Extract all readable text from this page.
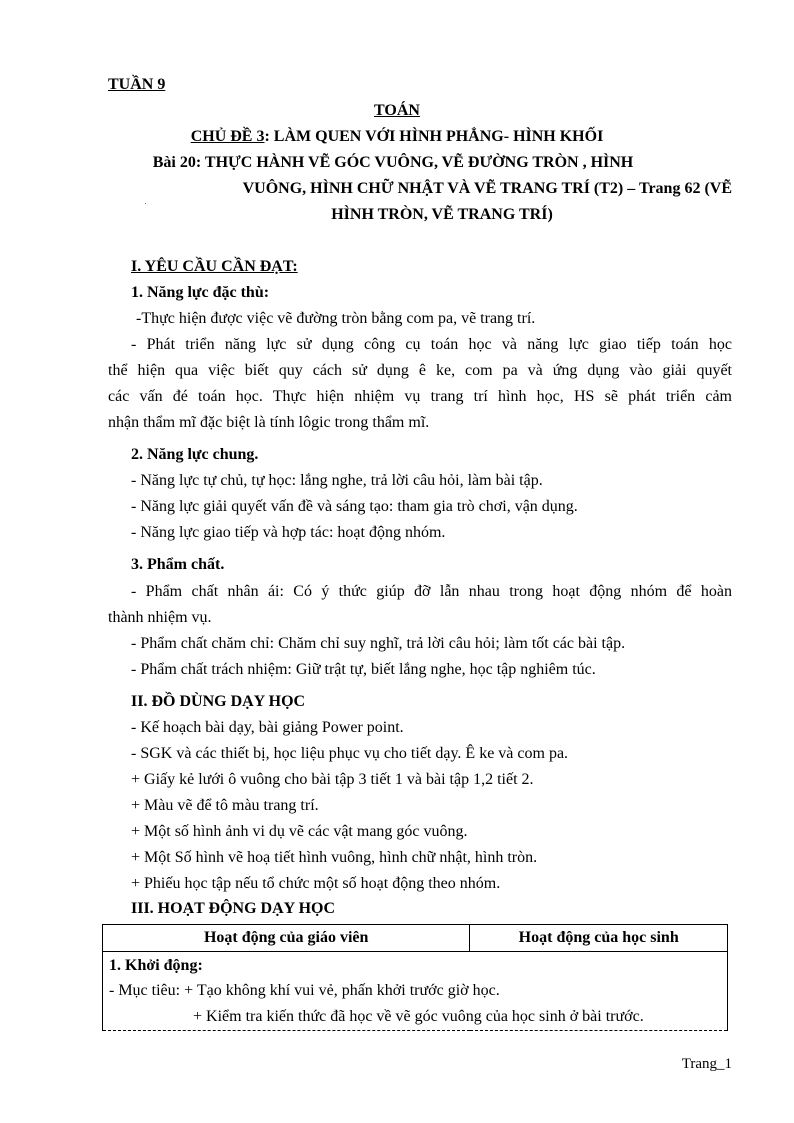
TUẦN 9
TOÁN
CHỦ ĐỀ 3: LÀM QUEN VỚI HÌNH PHẲNG- HÌNH KHỐI
Bài 20: THỰC HÀNH VẼ GÓC VUÔNG, VẼ ĐƯỜNG TRÒN , HÌNH
VUÔNG, HÌNH CHỮ NHẬT VÀ VẼ TRANG TRÍ (T2) – Trang 62 (VẼ
HÌNH TRÒN, VẼ TRANG TRÍ)
I. YÊU CẦU CẦN ĐẠT:
1. Năng lực đặc thù:
-Thực hiện được việc vẽ đường tròn bằng com pa, vẽ trang trí.
- Phát triển năng lực sử dụng công cụ toán học và năng lực giao tiếp toán học
thể hiện qua việc biết quy cách sử dụng ê ke, com pa và ứng dụng vào giải quyết
các vấn đé toán học. Thực hiện nhiệm vụ trang trí hình học, HS sẽ phát triển cảm
nhận thẩm mĩ đặc biệt là tính lôgic trong thẩm mĩ.
2. Năng lực chung.
- Năng lực tự chủ, tự học: lắng nghe, trả lời câu hỏi, làm bài tập.
- Năng lực giải quyết vấn đề và sáng tạo: tham gia trò chơi, vận dụng.
- Năng lực giao tiếp và hợp tác: hoạt động nhóm.
3. Phẩm chất.
- Phẩm chất nhân ái: Có ý thức giúp đỡ lẫn nhau trong hoạt động nhóm để hoàn
thành nhiệm vụ.
- Phẩm chất chăm chỉ: Chăm chỉ suy nghĩ, trả lời câu hỏi; làm tốt các bài tập.
- Phẩm chất trách nhiệm: Giữ trật tự, biết lắng nghe, học tập nghiêm túc.
II. ĐỒ DÙNG DẠY HỌC
- Kế hoạch bài dạy, bài giảng Power point.
- SGK và các thiết bị, học liệu phục vụ cho tiết dạy. Ê ke và com pa.
+ Giấy kẻ lưới ô vuông cho bài tập 3 tiết 1 và bài tập 1,2 tiết 2.
+ Màu vẽ để tô màu trang trí.
+ Một số hình ảnh vi dụ vẽ các vật mang góc vuông.
+ Một Số hình vẽ hoạ tiết hình vuông, hình chữ nhật, hình tròn.
+ Phiếu học tập nếu tổ chức một số hoạt động theo nhóm.
III. HOẠT ĐỘNG DẠY HỌC
Hoạt động của giáo viên	Hoạt động của học sinh

1. Khởi động:
- Mục tiêu: + Tạo không khí vui vẻ, phấn khởi trước giờ học.
+ Kiểm tra kiến thức đã học về vẽ góc vuông của học sinh ở bài trước.
Trang_1
